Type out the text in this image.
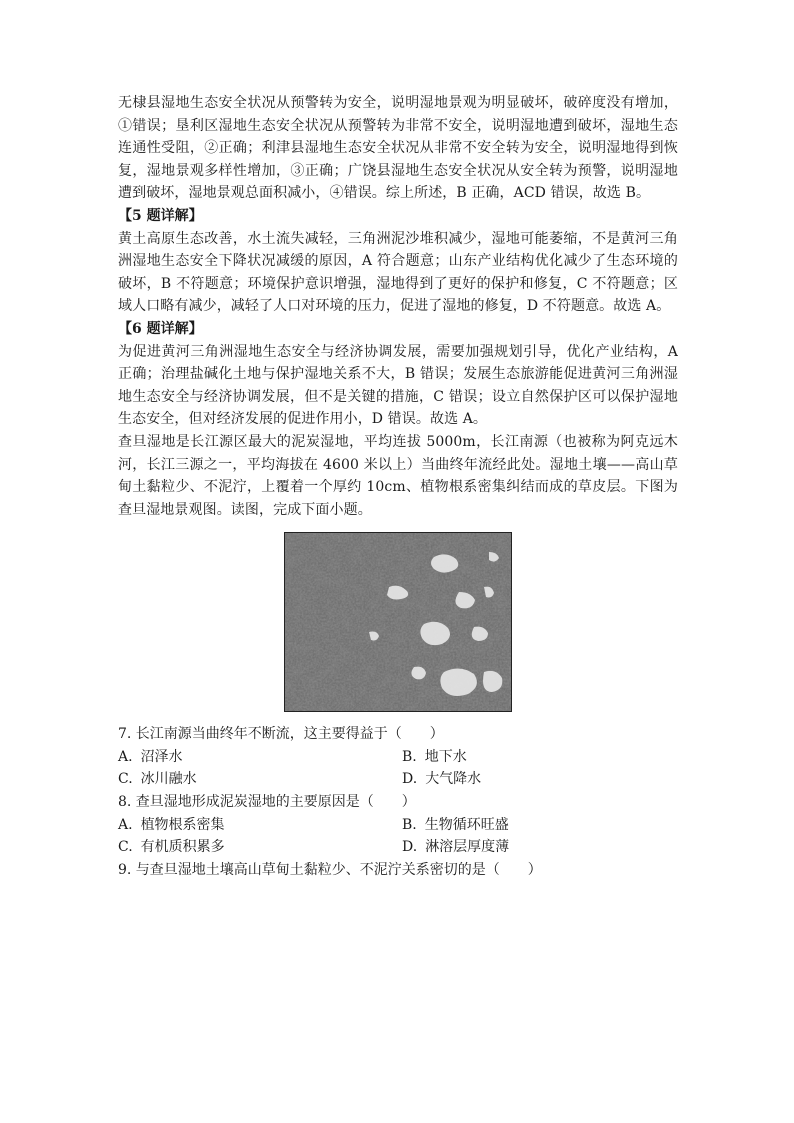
无棣县湿地生态安全状况从预警转为安全，说明湿地景观为明显破坏，破碎度没有增加，①错误；垦利区湿地生态安全状况从预警转为非常不安全，说明湿地遭到破坏，湿地生态连通性受阻，②正确；利津县湿地生态安全状况从非常不安全转为安全，说明湿地得到恢复，湿地景观多样性增加，③正确；广饶县湿地生态安全状况从安全转为预警，说明湿地遭到破坏，湿地景观总面积减小，④错误。综上所述，B 正确，ACD 错误，故选 B。

【5 题详解】

黄土高原生态改善，水土流失减轻，三角洲泥沙堆积减少，湿地可能萎缩，不是黄河三角洲湿地生态安全下降状况减缓的原因，A 符合题意；山东产业结构优化减少了生态环境的破坏，B 不符题意；环境保护意识增强，湿地得到了更好的保护和修复，C 不符题意；区域人口略有减少，减轻了人口对环境的压力，促进了湿地的修复，D 不符题意。故选 A。

【6 题详解】

为促进黄河三角洲湿地生态安全与经济协调发展，需要加强规划引导，优化产业结构，A 正确；治理盐碱化土地与保护湿地关系不大，B 错误；发展生态旅游能促进黄河三角洲湿地生态安全与经济协调发展，但不是关键的措施，C 错误；设立自然保护区可以保护湿地生态安全，但对经济发展的促进作用小，D 错误。故选 A。

查旦湿地是长江源区最大的泥炭湿地，平均连拔 5000m，长江南源（也被称为阿克远木河，长江三源之一，平均海拔在 4600 米以上）当曲终年流经此处。湿地土壤——高山草甸土黏粒少、不泥泞，上覆着一个厚约 10cm、植物根系密集纠结而成的草皮层。下图为查旦湿地景观图。读图，完成下面小题。

7. 长江南源当曲终年不断流，这主要得益于（　　）

A. 沼泽水	B. 地下水
C. 冰川融水	D. 大气降水

8. 查旦湿地形成泥炭湿地的主要原因是（　　）

A. 植物根系密集	B. 生物循环旺盛
C. 有机质积累多	D. 淋溶层厚度薄

9. 与查旦湿地土壤高山草甸土黏粒少、不泥泞关系密切的是（　　）
